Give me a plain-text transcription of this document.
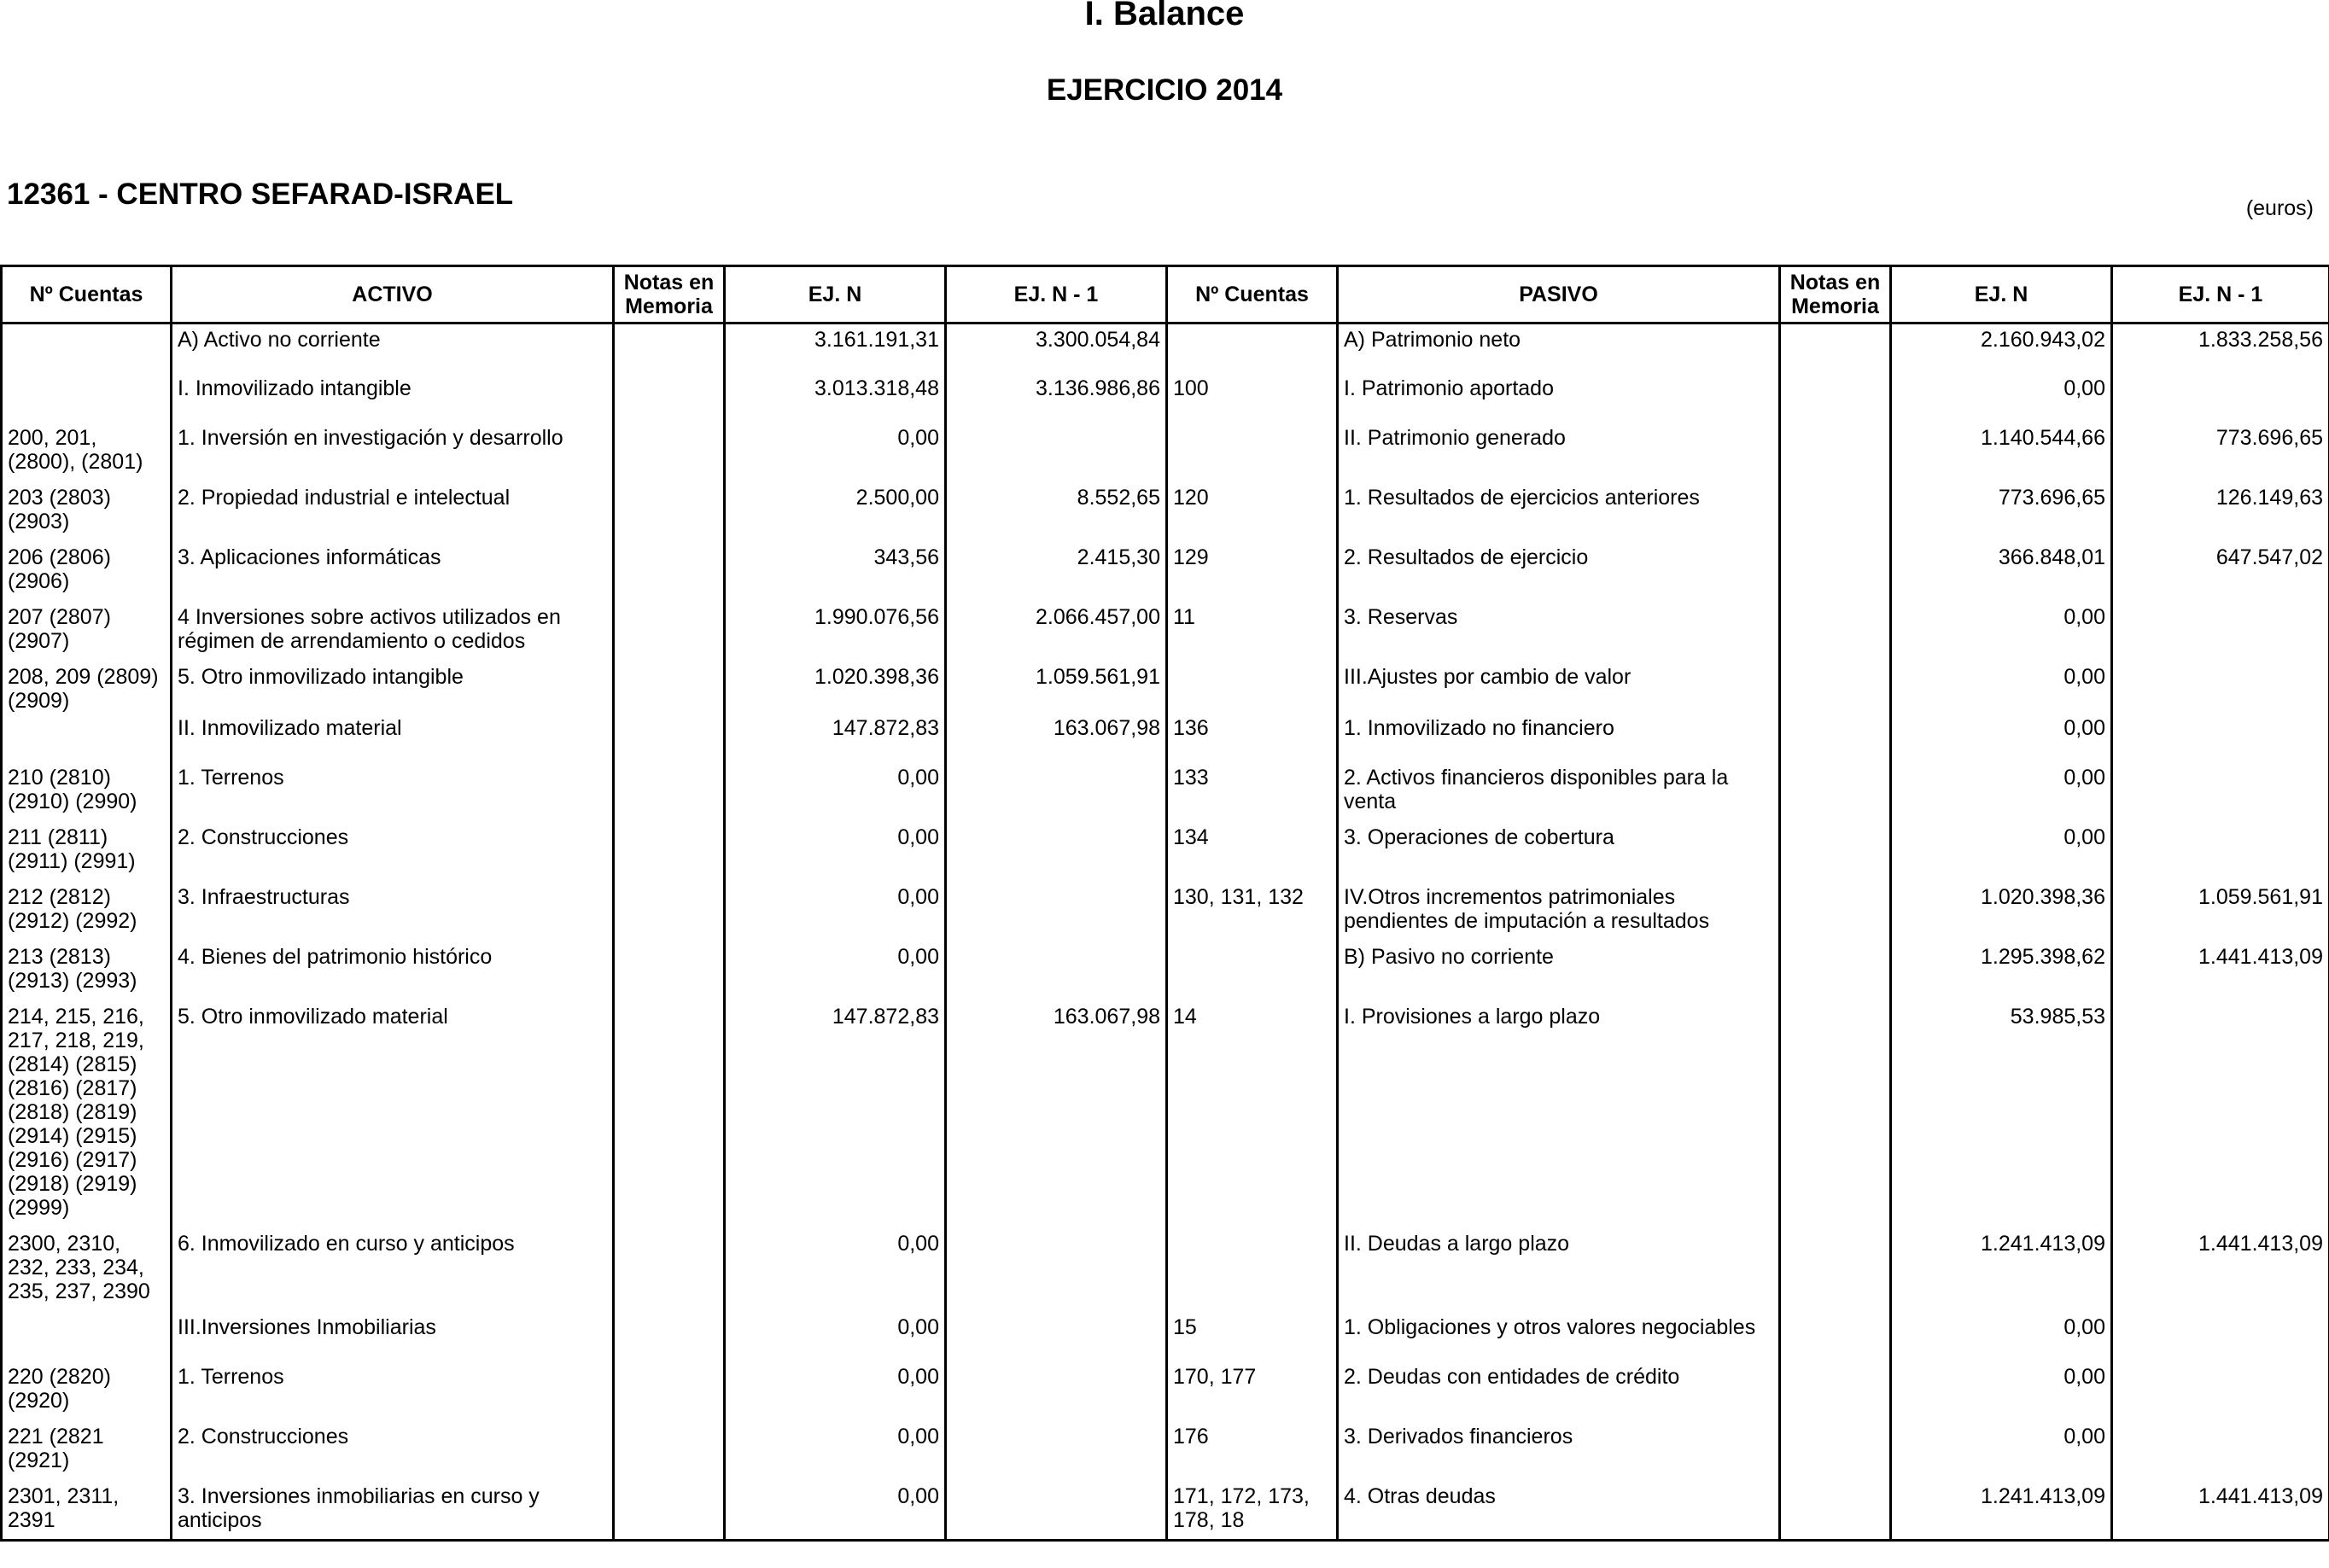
I. Balance
EJERCICIO 2014
12361 - CENTRO SEFARAD-ISRAEL	(euros)
Nº Cuentas	ACTIVO	Notas en Memoria	EJ. N	EJ. N - 1	Nº Cuentas	PASIVO	Notas en Memoria	EJ. N	EJ. N - 1
	A) Activo no corriente		3.161.191,31	3.300.054,84		A) Patrimonio neto		2.160.943,02	1.833.258,56
	I. Inmovilizado intangible		3.013.318,48	3.136.986,86	100	I. Patrimonio aportado		0,00	
200, 201, (2800), (2801)	1. Inversión en investigación y desarrollo		0,00			II. Patrimonio generado		1.140.544,66	773.696,65
203 (2803) (2903)	2. Propiedad industrial e intelectual		2.500,00	8.552,65	120	1. Resultados de ejercicios anteriores		773.696,65	126.149,63
206 (2806) (2906)	3. Aplicaciones informáticas		343,56	2.415,30	129	2. Resultados de ejercicio		366.848,01	647.547,02
207 (2807) (2907)	4 Inversiones sobre activos utilizados en régimen de arrendamiento o cedidos		1.990.076,56	2.066.457,00	11	3. Reservas		0,00	
208, 209 (2809) (2909)	5. Otro inmovilizado intangible		1.020.398,36	1.059.561,91		III.Ajustes por cambio de valor		0,00	
	II. Inmovilizado material		147.872,83	163.067,98	136	1. Inmovilizado no financiero		0,00	
210 (2810) (2910) (2990)	1. Terrenos		0,00		133	2. Activos financieros disponibles para la venta		0,00	
211 (2811) (2911) (2991)	2. Construcciones		0,00		134	3. Operaciones de cobertura		0,00	
212 (2812) (2912) (2992)	3. Infraestructuras		0,00		130, 131, 132	IV.Otros incrementos patrimoniales pendientes de imputación a resultados		1.020.398,36	1.059.561,91
213 (2813) (2913) (2993)	4. Bienes del patrimonio histórico		0,00			B) Pasivo no corriente		1.295.398,62	1.441.413,09
214, 215, 216, 217, 218, 219, (2814) (2815) (2816) (2817) (2818) (2819) (2914) (2915) (2916) (2917) (2918) (2919) (2999)	5. Otro inmovilizado material		147.872,83	163.067,98	14	I. Provisiones a largo plazo		53.985,53	
2300, 2310, 232, 233, 234, 235, 237, 2390	6. Inmovilizado en curso y anticipos		0,00			II. Deudas a largo plazo		1.241.413,09	1.441.413,09
	III.Inversiones Inmobiliarias		0,00		15	1. Obligaciones y otros valores negociables		0,00	
220 (2820) (2920)	1. Terrenos		0,00		170, 177	2. Deudas con entidades de crédito		0,00	
221 (2821 (2921)	2. Construcciones		0,00		176	3. Derivados financieros		0,00	
2301, 2311, 2391	3. Inversiones inmobiliarias en curso y anticipos		0,00		171, 172, 173, 178, 18	4. Otras deudas		1.241.413,09	1.441.413,09
